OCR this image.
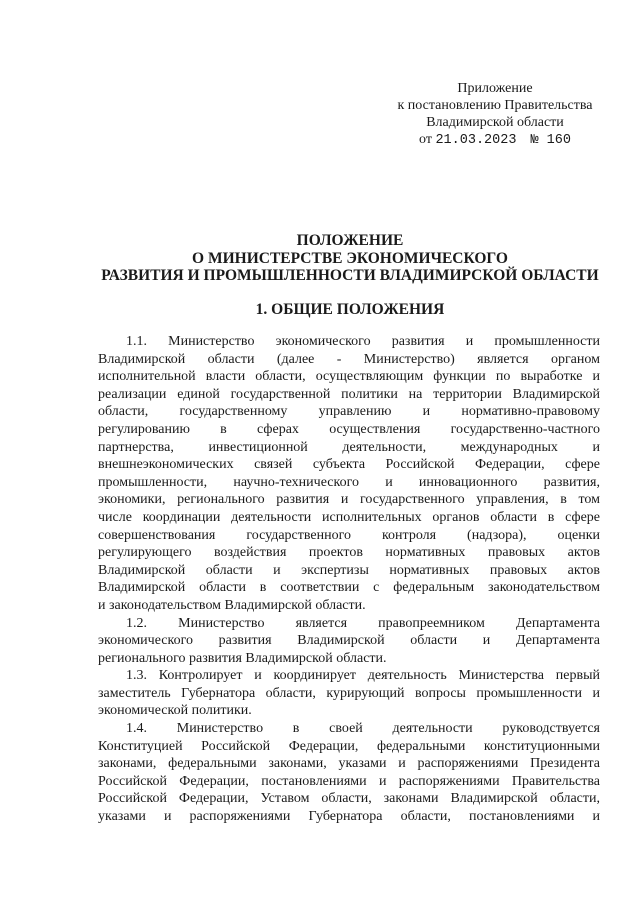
Приложение
к постановлению Правительства
Владимирской области
от 21.03.2023 № 160
ПОЛОЖЕНИЕ
О МИНИСТЕРСТВЕ ЭКОНОМИЧЕСКОГО
РАЗВИТИЯ И ПРОМЫШЛЕННОСТИ ВЛАДИМИРСКОЙ ОБЛАСТИ
1. ОБЩИЕ ПОЛОЖЕНИЯ
1.1. Министерство экономического развития и промышленности
Владимирской области (далее - Министерство) является органом
исполнительной власти области, осуществляющим функции по выработке и
реализации единой государственной политики на территории Владимирской
области, государственному управлению и нормативно-правовому
регулированию в сферах осуществления государственно-частного
партнерства, инвестиционной деятельности, международных и
внешнеэкономических связей субъекта Российской Федерации, сфере
промышленности, научно-технического и инновационного развития,
экономики, регионального развития и государственного управления, в том
числе координации деятельности исполнительных органов области в сфере
совершенствования государственного контроля (надзора), оценки
регулирующего воздействия проектов нормативных правовых актов
Владимирской области и экспертизы нормативных правовых актов
Владимирской области в соответствии с федеральным законодательством
и законодательством Владимирской области.
1.2. Министерство является правопреемником Департамента
экономического развития Владимирской области и Департамента
регионального развития Владимирской области.
1.3. Контролирует и координирует деятельность Министерства первый
заместитель Губернатора области, курирующий вопросы промышленности и
экономической политики.
1.4. Министерство в своей деятельности руководствуется
Конституцией Российской Федерации, федеральными конституционными
законами, федеральными законами, указами и распоряжениями Президента
Российской Федерации, постановлениями и распоряжениями Правительства
Российской Федерации, Уставом области, законами Владимирской области,
указами и распоряжениями Губернатора области, постановлениями и
